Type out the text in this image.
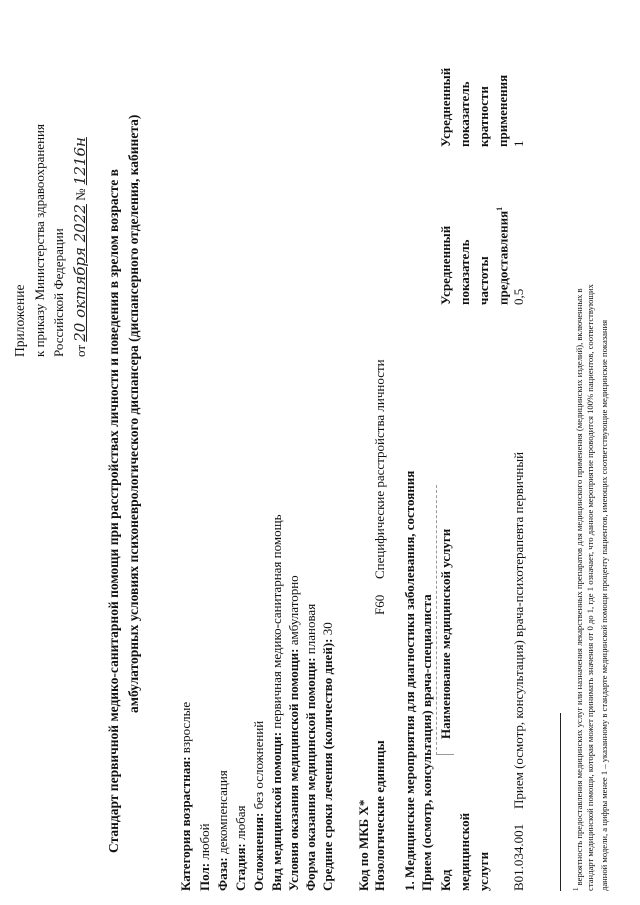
Приложение к приказу Министерства здравоохранения Российской Федерации от 20 октября 2022 № 1216н
Стандарт первичной медико-санитарной помощи при расстройствах личности и поведения в зрелом возрасте в амбулаторных условиях психоневрологического диспансера (диспансерного отделения, кабинета)
Категория возрастная: взрослые
Пол: любой
Фаза: декомпенсация
Стадия: любая Осложнения: без осложнений Вид медицинской помощи: первичная медико-санитарная помощь
Условия оказания медицинской помощи: амбулаторно
Форма оказания медицинской помощи: плановая
Средние сроки лечения (количество дней): 30
Код по МКБ X* Нозологические единицы
F60
Специфические расстройства личности
1. Медицинские мероприятия для диагностики заболевания, состояния Прием (осмотр, консультация) врача-специалиста Код медицинской услуги
Наименование медицинской услуги
Усредненный показатель частоты предоставления$^1$
Усредненный показатель кратности применения
B01.034.001
Прием (осмотр, консультация) врача-психотерапевта первичный
0,5
1
$^1$ вероятность предоставления медицинских услуг или назначения лекарственных препаратов для медицинского применения (медицинских изделий), включенных в стандарт медицинской помощи, которая может принимать значения от 0 до 1, где 1 означает, что данное мероприятие проводится 100% пациентов, соответствующих данной модели, а цифры менее 1 – указанному в стандарте медицинской помощи проценту пациентов, имеющих соответствующие медицинские показания
